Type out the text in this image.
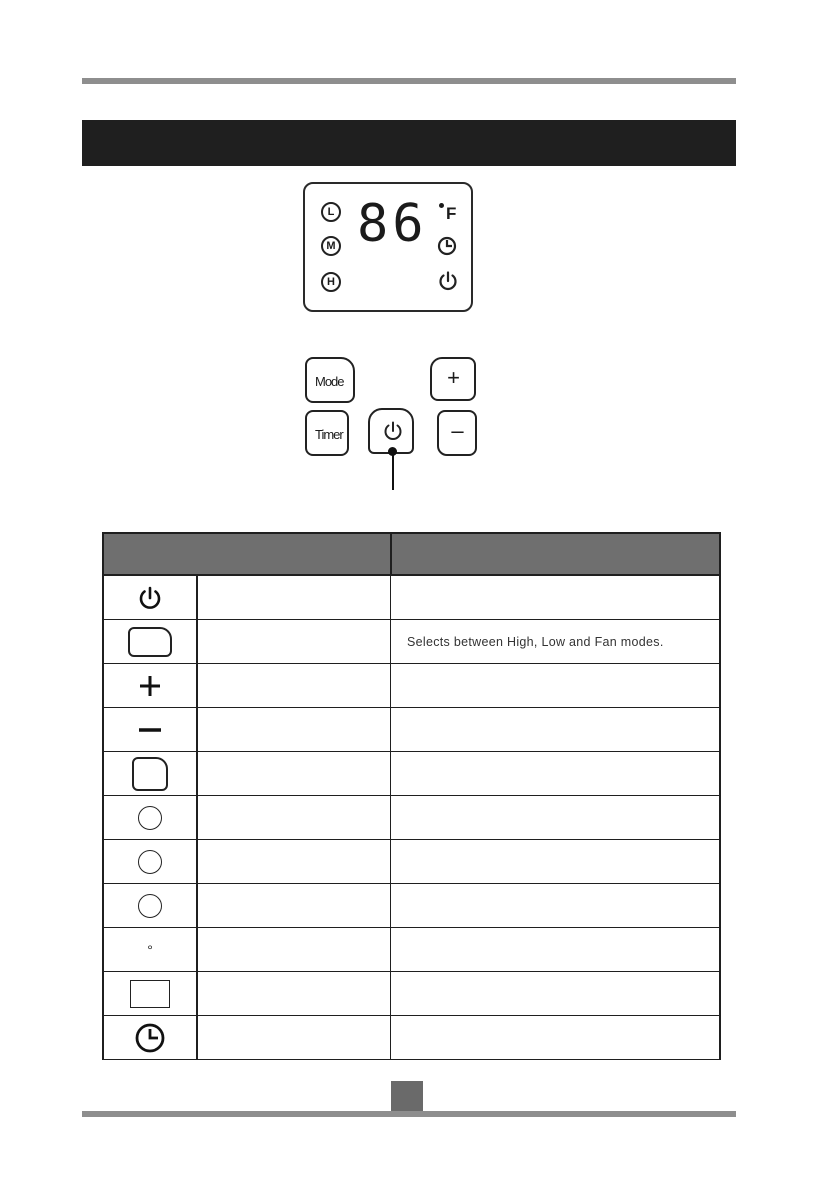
L
M
H
86 F
Mode
Timer
+
–

		Selects between High, Low and Fan modes.

°		
